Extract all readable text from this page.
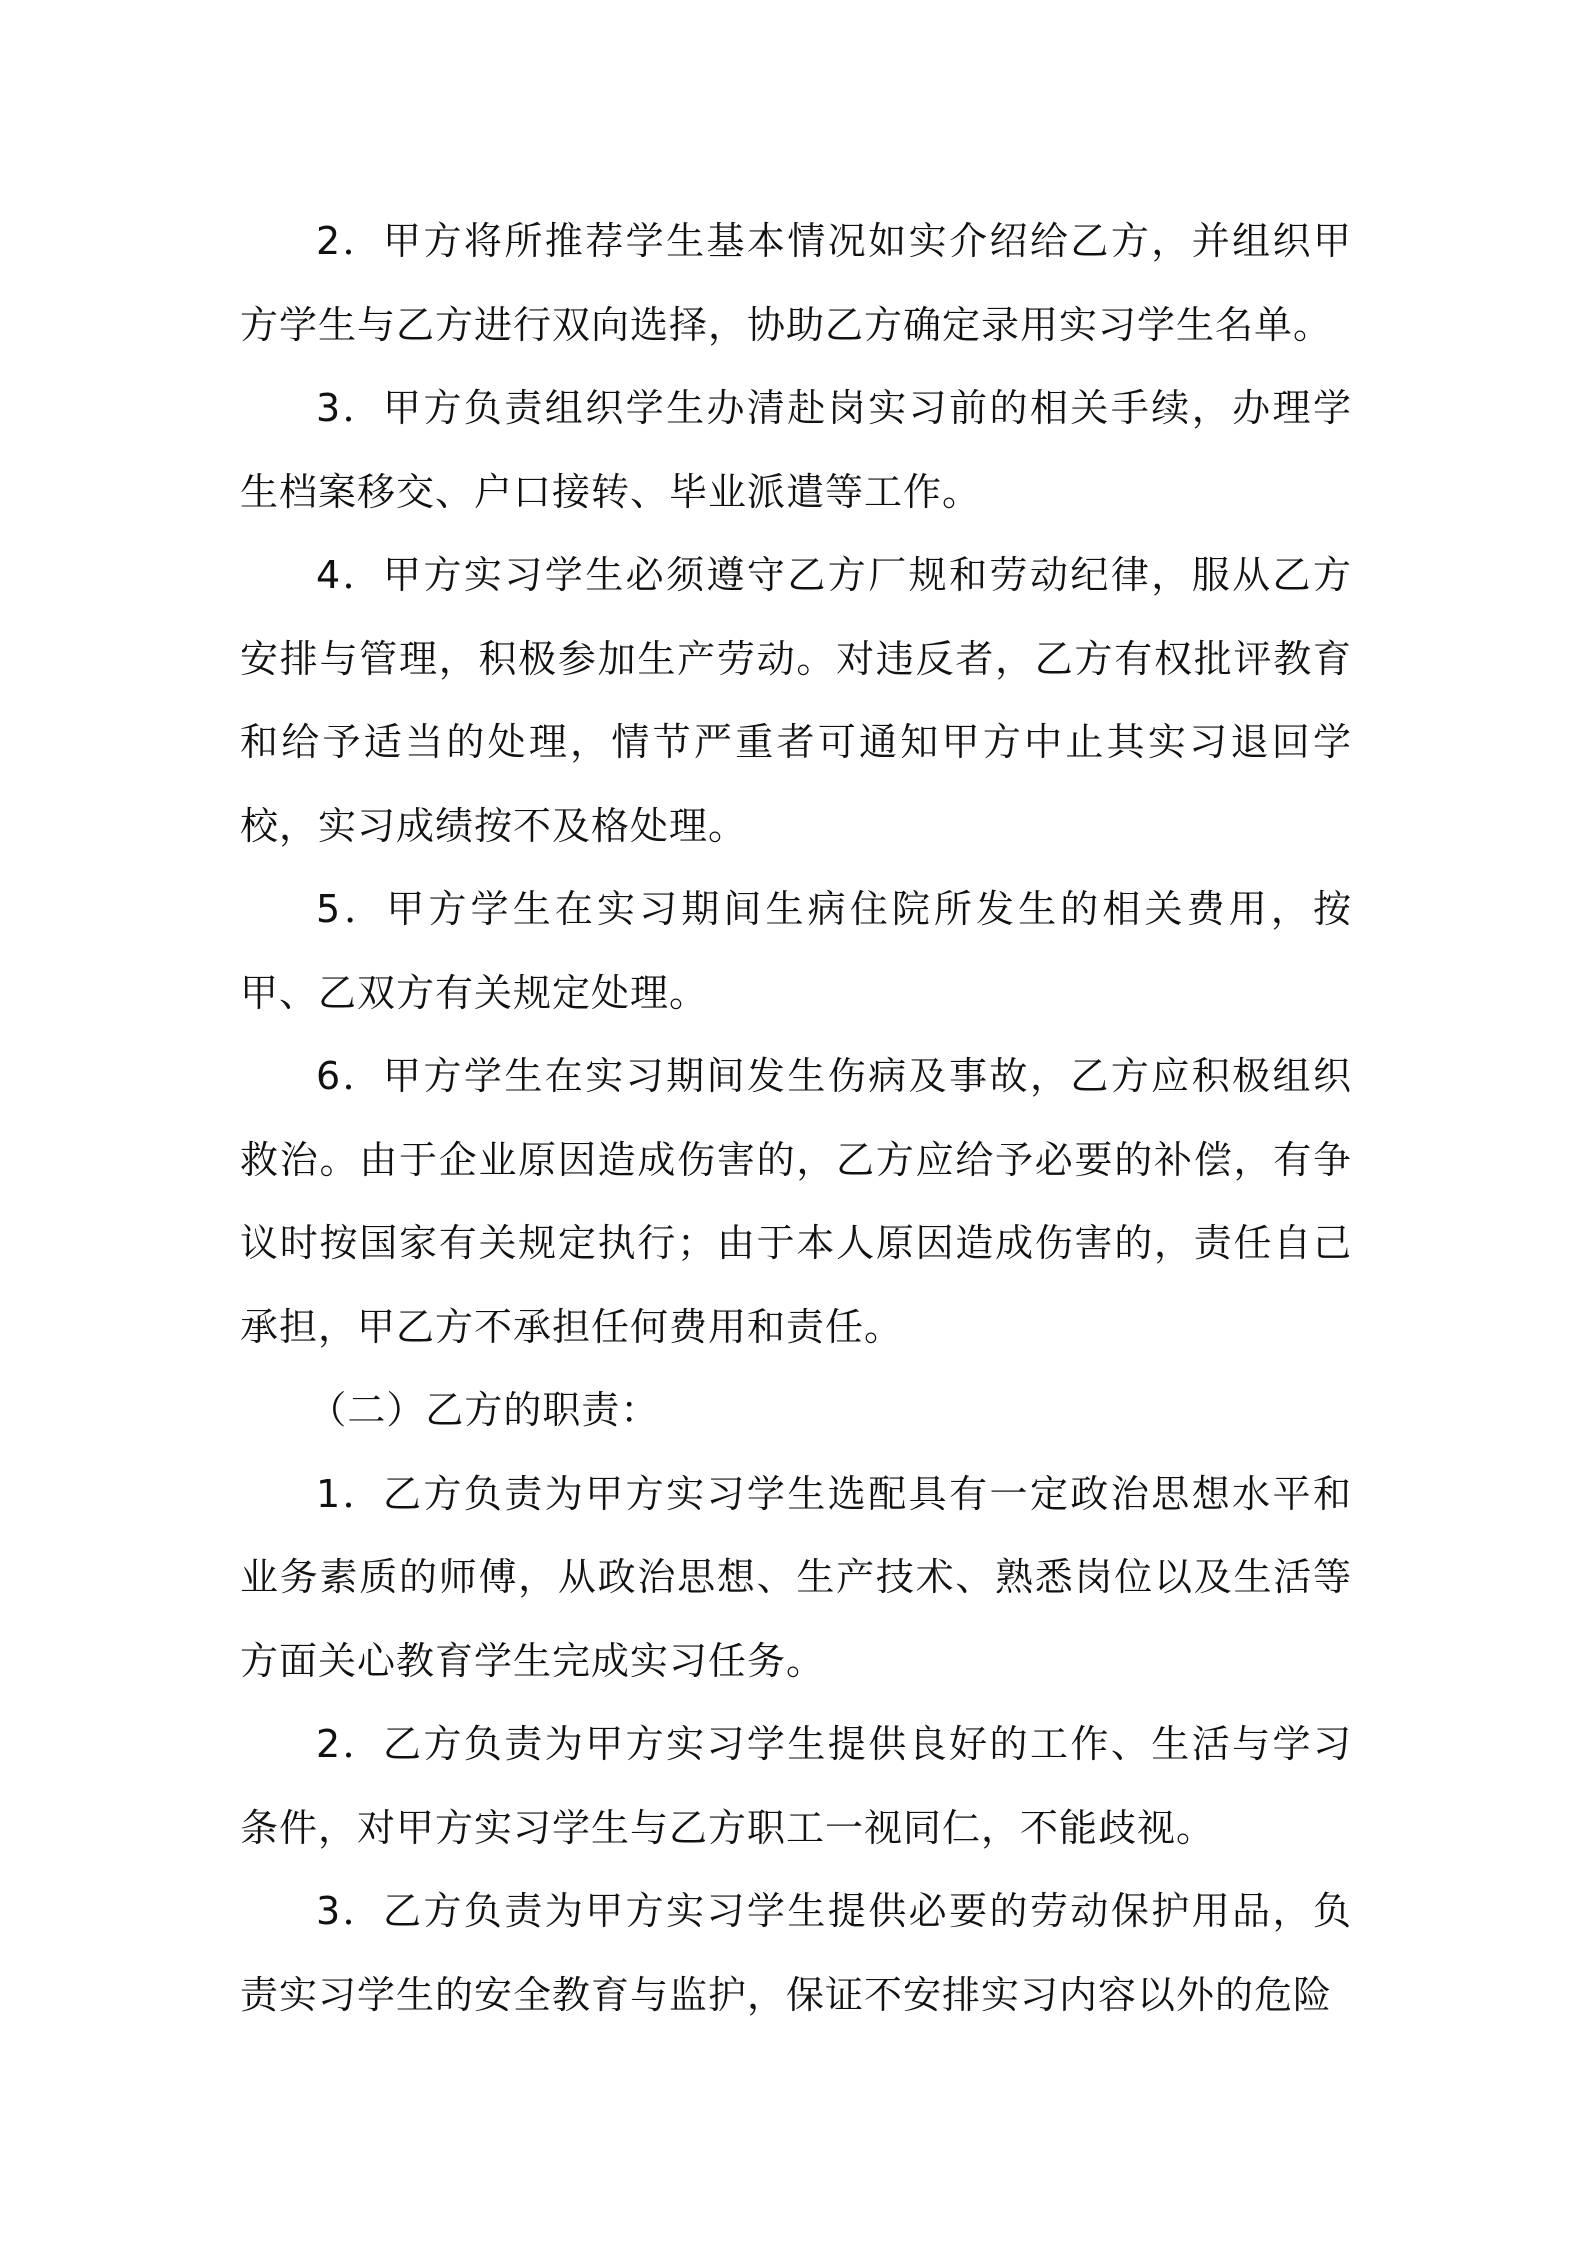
2．甲方将所推荐学生基本情况如实介绍给乙方，并组织甲方学生与乙方进行双向选择，协助乙方确定录用实习学生名单。

3．甲方负责组织学生办清赴岗实习前的相关手续，办理学生档案移交、户口接转、毕业派遣等工作。

4．甲方实习学生必须遵守乙方厂规和劳动纪律，服从乙方安排与管理，积极参加生产劳动。对违反者，乙方有权批评教育和给予适当的处理，情节严重者可通知甲方中止其实习退回学校，实习成绩按不及格处理。

5．甲方学生在实习期间生病住院所发生的相关费用，按甲、乙双方有关规定处理。

6．甲方学生在实习期间发生伤病及事故，乙方应积极组织救治。由于企业原因造成伤害的，乙方应给予必要的补偿，有争议时按国家有关规定执行；由于本人原因造成伤害的，责任自己承担，甲乙方不承担任何费用和责任。

（二）乙方的职责：

1．乙方负责为甲方实习学生选配具有一定政治思想水平和业务素质的师傅，从政治思想、生产技术、熟悉岗位以及生活等方面关心教育学生完成实习任务。

2．乙方负责为甲方实习学生提供良好的工作、生活与学习条件，对甲方实习学生与乙方职工一视同仁，不能歧视。

3．乙方负责为甲方实习学生提供必要的劳动保护用品，负责实习学生的安全教育与监护，保证不安排实习内容以外的危险
